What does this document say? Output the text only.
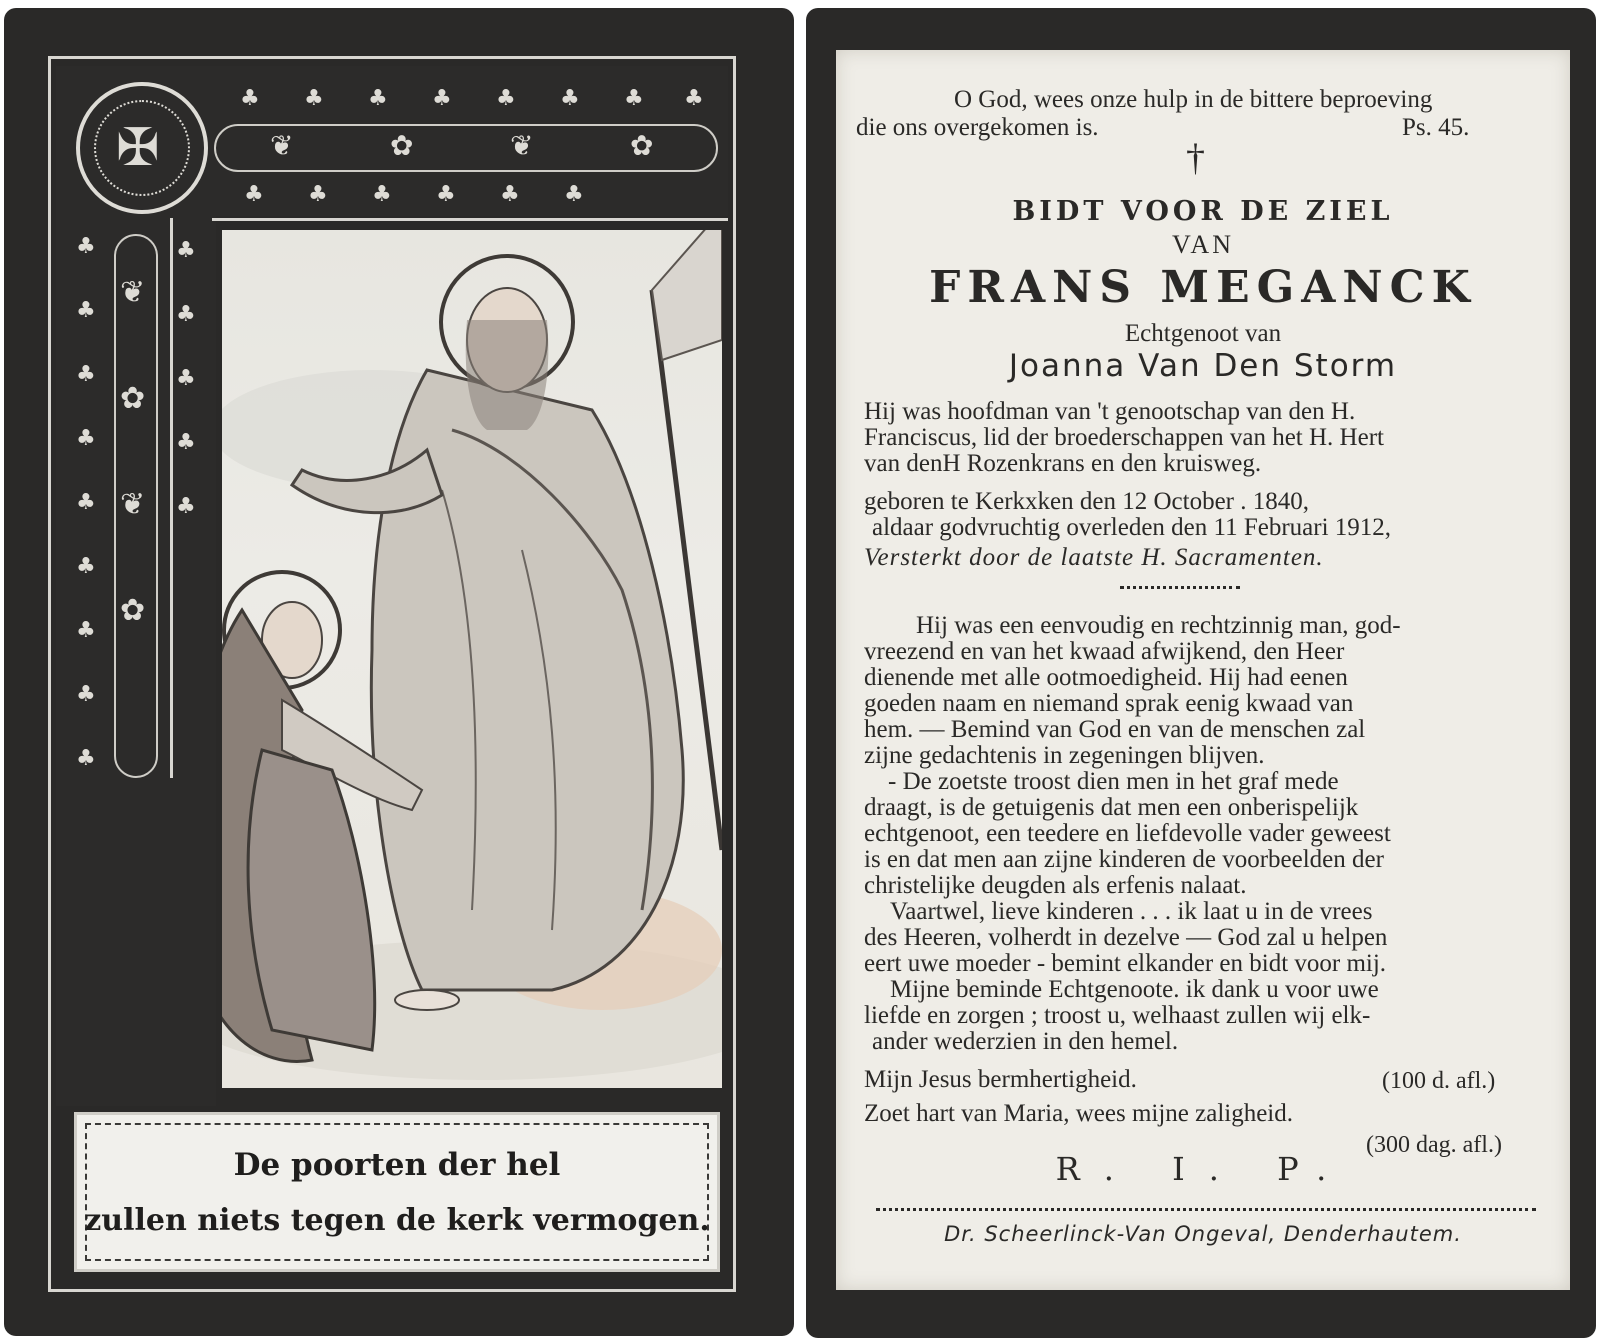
♣ ♣ ♣ ♣ ♣ ♣ ♣ ♣
❦	✿	❦	✿
♣ ♣ ♣ ♣ ♣ ♣
✠
♣
♣
♣
♣
♣
♣
♣
♣
♣
❦
✿
❦
✿
♣
♣
♣
♣
♣
De poorten der hel
zullen niets tegen de kerk vermogen.
O God, wees onze hulp in de bittere beproeving
die ons overgekomen is.	Ps. 45.
†
BIDT VOOR DE ZIEL
VAN
FRANS MEGANCK
Echtgenoot van
Joanna Van Den Storm
Hij was hoofdman van 't genootschap van den H.
Franciscus, lid der broederschappen van het H. Hert
van denH Rozenkrans en den kruisweg.
geboren te Kerkxken den 12 October . 1840,
aldaar godvruchtig overleden den 11 Februari 1912,
Versterkt door de laatste H. Sacramenten.
Hij was een eenvoudig en rechtzinnig man, god-
vreezend en van het kwaad afwijkend, den Heer
dienende met alle ootmoedigheid. Hij had eenen
goeden naam en niemand sprak eenig kwaad van
hem. — Bemind van God en van de menschen zal
zijne gedachtenis in zegeningen blijven.
- De zoetste troost dien men in het graf mede
draagt, is de getuigenis dat men een onberispelijk
echtgenoot, een teedere en liefdevolle vader geweest
is en dat men aan zijne kinderen de voorbeelden der
christelijke deugden als erfenis nalaat.
Vaartwel, lieve kinderen . . . ik laat u in de vrees
des Heeren, volherdt in dezelve — God zal u helpen
eert uwe moeder - bemint elkander en bidt voor mij.
Mijne beminde Echtgenoote. ik dank u voor uwe
liefde en zorgen ; troost u, welhaast zullen wij elk-
ander wederzien in den hemel.
Mijn Jesus bermhertigheid.	(100 d. afl.)
Zoet hart van Maria, wees mijne zaligheid.
(300 dag. afl.)
R. I. P.
Dr. Scheerlinck-Van Ongeval, Denderhautem.
